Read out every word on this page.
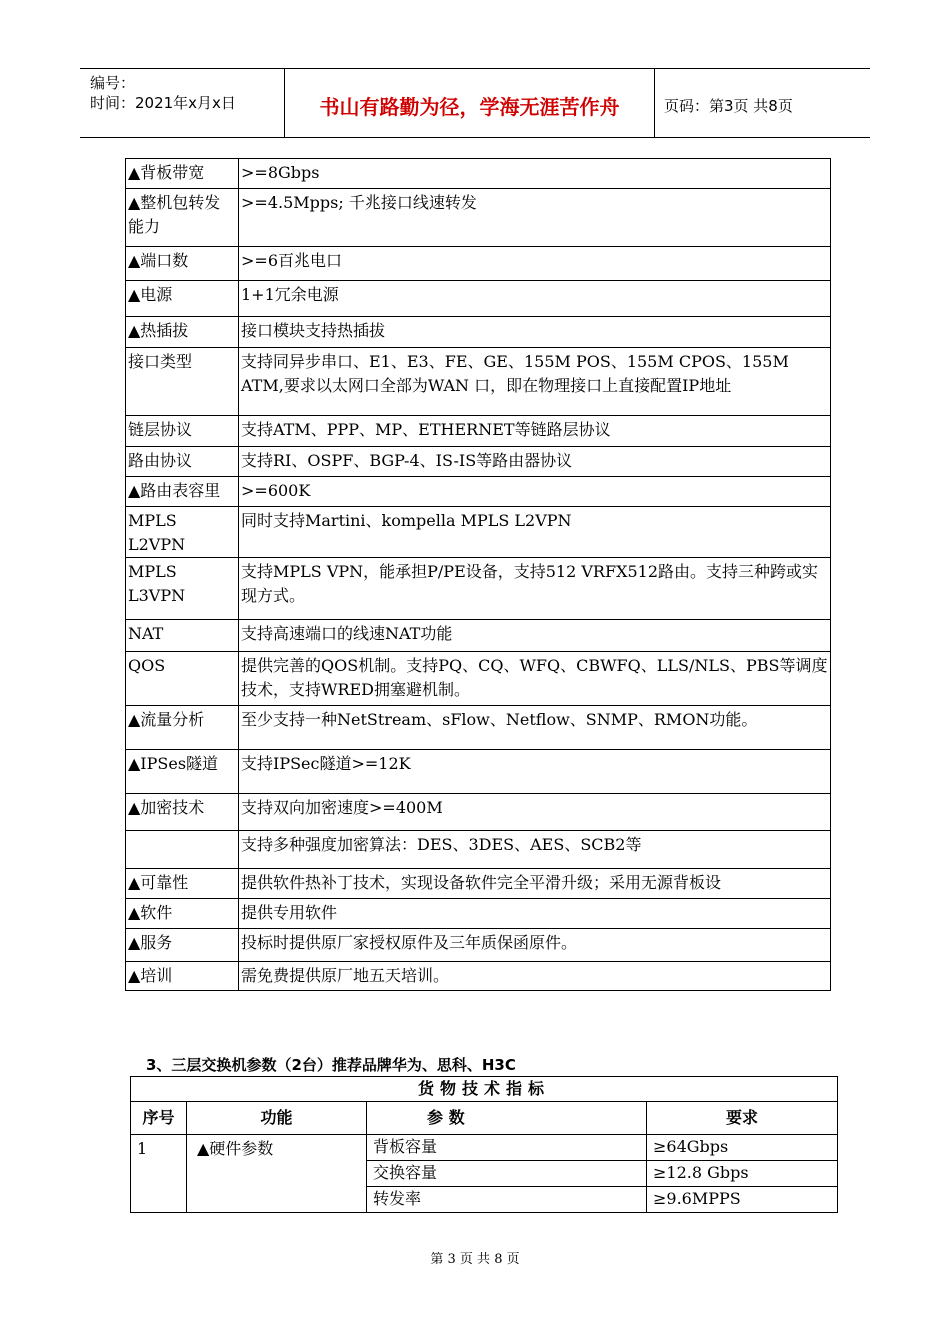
编号：
时间：2021年x月x日	书山有路勤为径，学海无涯苦作舟	页码：第3页 共8页
▲背板带宽	>=8Gbps
▲整机包转发能力	>=4.5Mpps; 千兆接口线速转发
▲端口数	>=6百兆电口
▲电源	1+1冗余电源
▲热插拔	接口模块支持热插拔
接口类型	支持同异步串口、E1、E3、FE、GE、155M POS、155M CPOS、155M ATM,要求以太网口全部为WAN 口，即在物理接口上直接配置IP地址
链层协议	支持ATM、PPP、MP、ETHERNET等链路层协议
路由协议	支持RI、OSPF、BGP-4、IS-IS等路由器协议
▲路由表容里	>=600K
MPLS L2VPN	同时支持Martini、kompella MPLS L2VPN
MPLS L3VPN	支持MPLS VPN，能承担P/PE设备，支持512 VRFX512路由。支持三种跨或实现方式。
NAT	支持高速端口的线速NAT功能
QOS	提供完善的QOS机制。支持PQ、CQ、WFQ、CBWFQ、LLS/NLS、PBS等调度技术，支持WRED拥塞避机制。
▲流量分析	至少支持一种NetStream、sFlow、Netflow、SNMP、RMON功能。
▲IPSes隧道	支持IPSec隧道>=12K
▲加密技术	支持双向加密速度>=400M
	支持多种强度加密算法：DES、3DES、AES、SCB2等
▲可靠性	提供软件热补丁技术，实现设备软件完全平滑升级；采用无源背板设
▲软件	提供专用软件
▲服务	投标时提供原厂家授权原件及三年质保函原件。
▲培训	需免费提供原厂地五天培训。
3、三层交换机参数（2台）推荐品牌华为、思科、H3C
货物技术指标			
序号	功能	参 数	要求
1	▲硬件参数	背板容量	≥64Gbps
		交换容量	≥12.8 Gbps
		转发率	≥9.6MPPS
第 3 页 共 8 页
